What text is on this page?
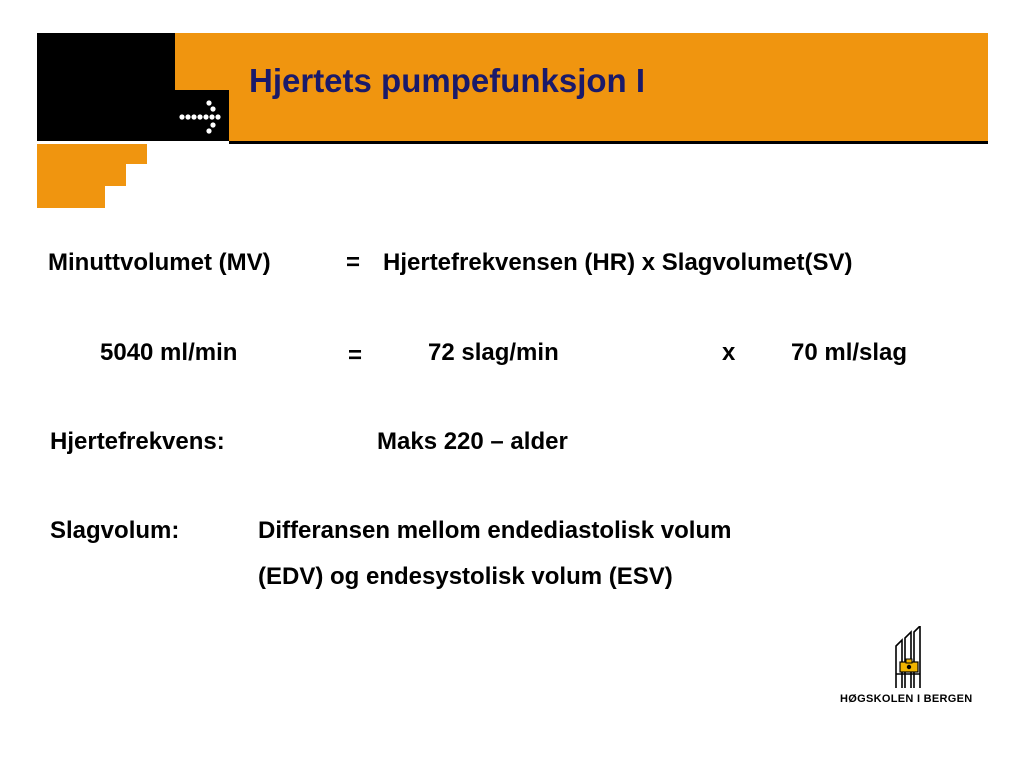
Hjertets pumpefunksjon I
Minuttvolumet (MV)	= Hjertefrekvensen (HR) x Slagvolumet(SV)
5040 ml/min	=	72 slag/min	x 70 ml/slag
Hjertefrekvens:	Maks 220 – alder
Slagvolum:	Differansen mellom endediastolisk volum
(EDV) og endesystolisk volum (ESV)
HØGSKOLEN I BERGEN
